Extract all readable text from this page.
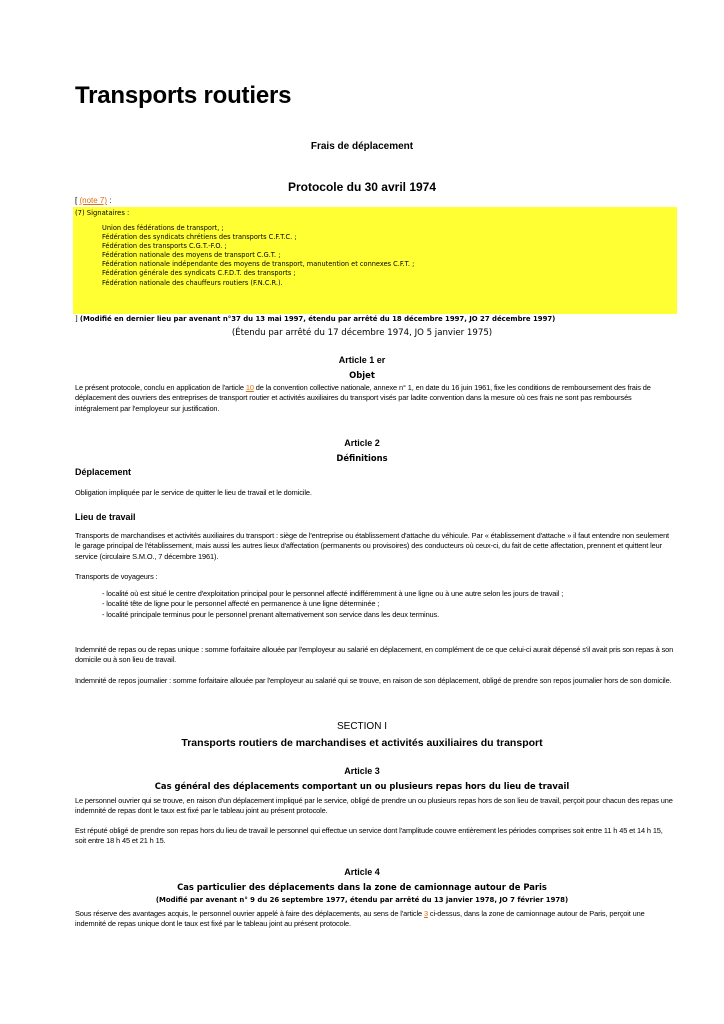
Transports routiers
Frais de déplacement
Protocole du 30 avril 1974
[ (note 7) :
(7) Signataires :
Union des fédérations de transport, ;
Fédération des syndicats chrétiens des transports C.F.T.C. ;
Fédération des transports C.G.T.-F.O. ;
Fédération nationale des moyens de transport C.G.T. ;
Fédération nationale indépendante des moyens de transport, manutention et connexes C.F.T. ;
Fédération générale des syndicats C.F.D.T. des transports ;
Fédération nationale des chauffeurs routiers (F.N.C.R.).
] (Modifié en dernier lieu par avenant n°37 du 13 mai 1997, étendu par arrêté du 18 décembre 1997, JO 27 décembre 1997)
(Étendu par arrêté du 17 décembre 1974, JO 5 janvier 1975)
Article 1 er
Objet

Le présent protocole, conclu en application de l'article 10 de la convention collective nationale, annexe n° 1, en date du 16 juin 1961, fixe les conditions de remboursement des frais de déplacement des ouvriers des entreprises de transport routier et activités auxiliaires du transport visés par ladite convention dans la mesure où ces frais ne sont pas remboursés intégralement par l'employeur sur justification.

Article 2
Définitions
Déplacement

Obligation impliquée par le service de quitter le lieu de travail et le domicile.

Lieu de travail

Transports de marchandises et activités auxiliaires du transport : siège de l'entreprise ou établissement d'attache du véhicule. Par « établissement d'attache » il faut entendre non seulement le garage principal de l'établissement, mais aussi les autres lieux d'affectation (permanents ou provisoires) des conducteurs où ceux-ci, du fait de cette affectation, prennent et quittent leur service (circulaire S.M.O., 7 décembre 1961).

Transports de voyageurs :

- localité où est situé le centre d'exploitation principal pour le personnel affecté indifféremment à une ligne ou à une autre selon les jours de travail ;
- localité tête de ligne pour le personnel affecté en permanence à une ligne déterminée ;
- localité principale terminus pour le personnel prenant alternativement son service dans les deux terminus.

Indemnité de repas ou de repas unique : somme forfaitaire allouée par l'employeur au salarié en déplacement, en complément de ce que celui-ci aurait dépensé s'il avait pris son repas à son domicile ou à son lieu de travail.

Indemnité de repos journalier : somme forfaitaire allouée par l'employeur au salarié qui se trouve, en raison de son déplacement, obligé de prendre son repos journalier hors de son domicile.

SECTION I
Transports routiers de marchandises et activités auxiliaires du transport
Article 3
Cas général des déplacements comportant un ou plusieurs repas hors du lieu de travail

Le personnel ouvrier qui se trouve, en raison d'un déplacement impliqué par le service, obligé de prendre un ou plusieurs repas hors de son lieu de travail, perçoit pour chacun des repas une indemnité de repas dont le taux est fixé par le tableau joint au présent protocole.

Est réputé obligé de prendre son repas hors du lieu de travail le personnel qui effectue un service dont l'amplitude couvre entièrement les périodes comprises soit entre 11 h 45 et 14 h 15, soit entre 18 h 45 et 21 h 15.

Article 4
Cas particulier des déplacements dans la zone de camionnage autour de Paris
(Modifié par avenant n° 9 du 26 septembre 1977, étendu par arrêté du 13 janvier 1978, JO 7 février 1978)

Sous réserve des avantages acquis, le personnel ouvrier appelé à faire des déplacements, au sens de l'article 3 ci-dessus, dans la zone de camionnage autour de Paris, perçoit une indemnité de repas unique dont le taux est fixé par le tableau joint au présent protocole.
